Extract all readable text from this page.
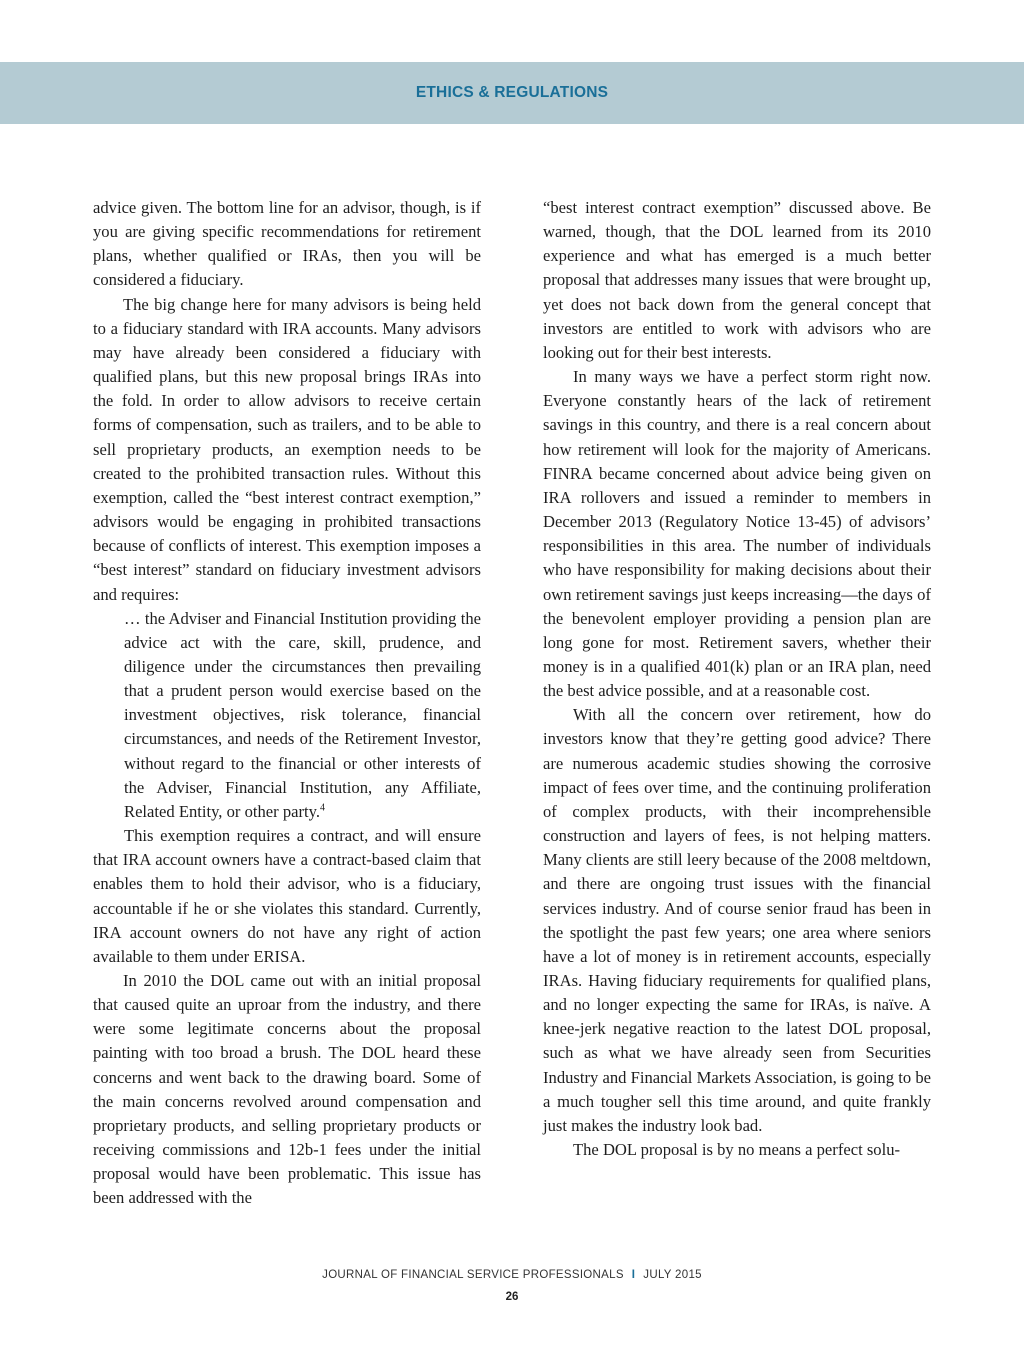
ETHICS & REGULATIONS

advice given. The bottom line for an advisor, though, is if you are giving specific recommendations for retirement plans, whether qualified or IRAs, then you will be considered a fiduciary.

The big change here for many advisors is being held to a fiduciary standard with IRA accounts. Many advisors may have already been considered a fiduciary with qualified plans, but this new proposal brings IRAs into the fold. In order to allow advisors to receive certain forms of compensation, such as trailers, and to be able to sell proprietary products, an exemption needs to be created to the prohibited transaction rules. Without this exemption, called the “best interest contract exemption,” advisors would be engaging in prohibited transactions because of conflicts of interest. This exemption imposes a “best interest” standard on fiduciary investment advisors and requires:

… the Adviser and Financial Institution providing the advice act with the care, skill, prudence, and diligence under the circumstances then prevailing that a prudent person would exercise based on the investment objectives, risk tolerance, financial circumstances, and needs of the Retirement Investor, without regard to the financial or other interests of the Adviser, Financial Institution, any Affiliate, Related Entity, or other party.$^4$

This exemption requires a contract, and will ensure that IRA account owners have a contract-based claim that enables them to hold their advisor, who is a fiduciary, accountable if he or she violates this standard. Currently, IRA account owners do not have any right of action available to them under ERISA.

In 2010 the DOL came out with an initial proposal that caused quite an uproar from the industry, and there were some legitimate concerns about the proposal painting with too broad a brush. The DOL heard these concerns and went back to the drawing board. Some of the main concerns revolved around compensation and proprietary products, and selling proprietary products or receiving commissions and 12b-1 fees under the initial proposal would have been problematic. This issue has been addressed with the

“best interest contract exemption” discussed above. Be warned, though, that the DOL learned from its 2010 experience and what has emerged is a much better proposal that addresses many issues that were brought up, yet does not back down from the general concept that investors are entitled to work with advisors who are looking out for their best interests.

In many ways we have a perfect storm right now. Everyone constantly hears of the lack of retirement savings in this country, and there is a real concern about how retirement will look for the majority of Americans. FINRA became concerned about advice being given on IRA rollovers and issued a reminder to members in December 2013 (Regulatory Notice 13-45) of advisors’ responsibilities in this area. The number of individuals who have responsibility for making decisions about their own retirement savings just keeps increasing—the days of the benevolent employer providing a pension plan are long gone for most. Retirement savers, whether their money is in a qualified 401(k) plan or an IRA plan, need the best advice possible, and at a reasonable cost.

With all the concern over retirement, how do investors know that they’re getting good advice? There are numerous academic studies showing the corrosive impact of fees over time, and the continuing proliferation of complex products, with their incomprehensible construction and layers of fees, is not helping matters. Many clients are still leery because of the 2008 meltdown, and there are ongoing trust issues with the financial services industry. And of course senior fraud has been in the spotlight the past few years; one area where seniors have a lot of money is in retirement accounts, especially IRAs. Having fiduciary requirements for qualified plans, and no longer expecting the same for IRAs, is naïve. A knee-jerk negative reaction to the latest DOL proposal, such as what we have already seen from Securities Industry and Financial Markets Association, is going to be a much tougher sell this time around, and quite frankly just makes the industry look bad.

The DOL proposal is by no means a perfect solu-

JOURNAL OF FINANCIAL SERVICE PROFESSIONALS I JULY 2015
26
